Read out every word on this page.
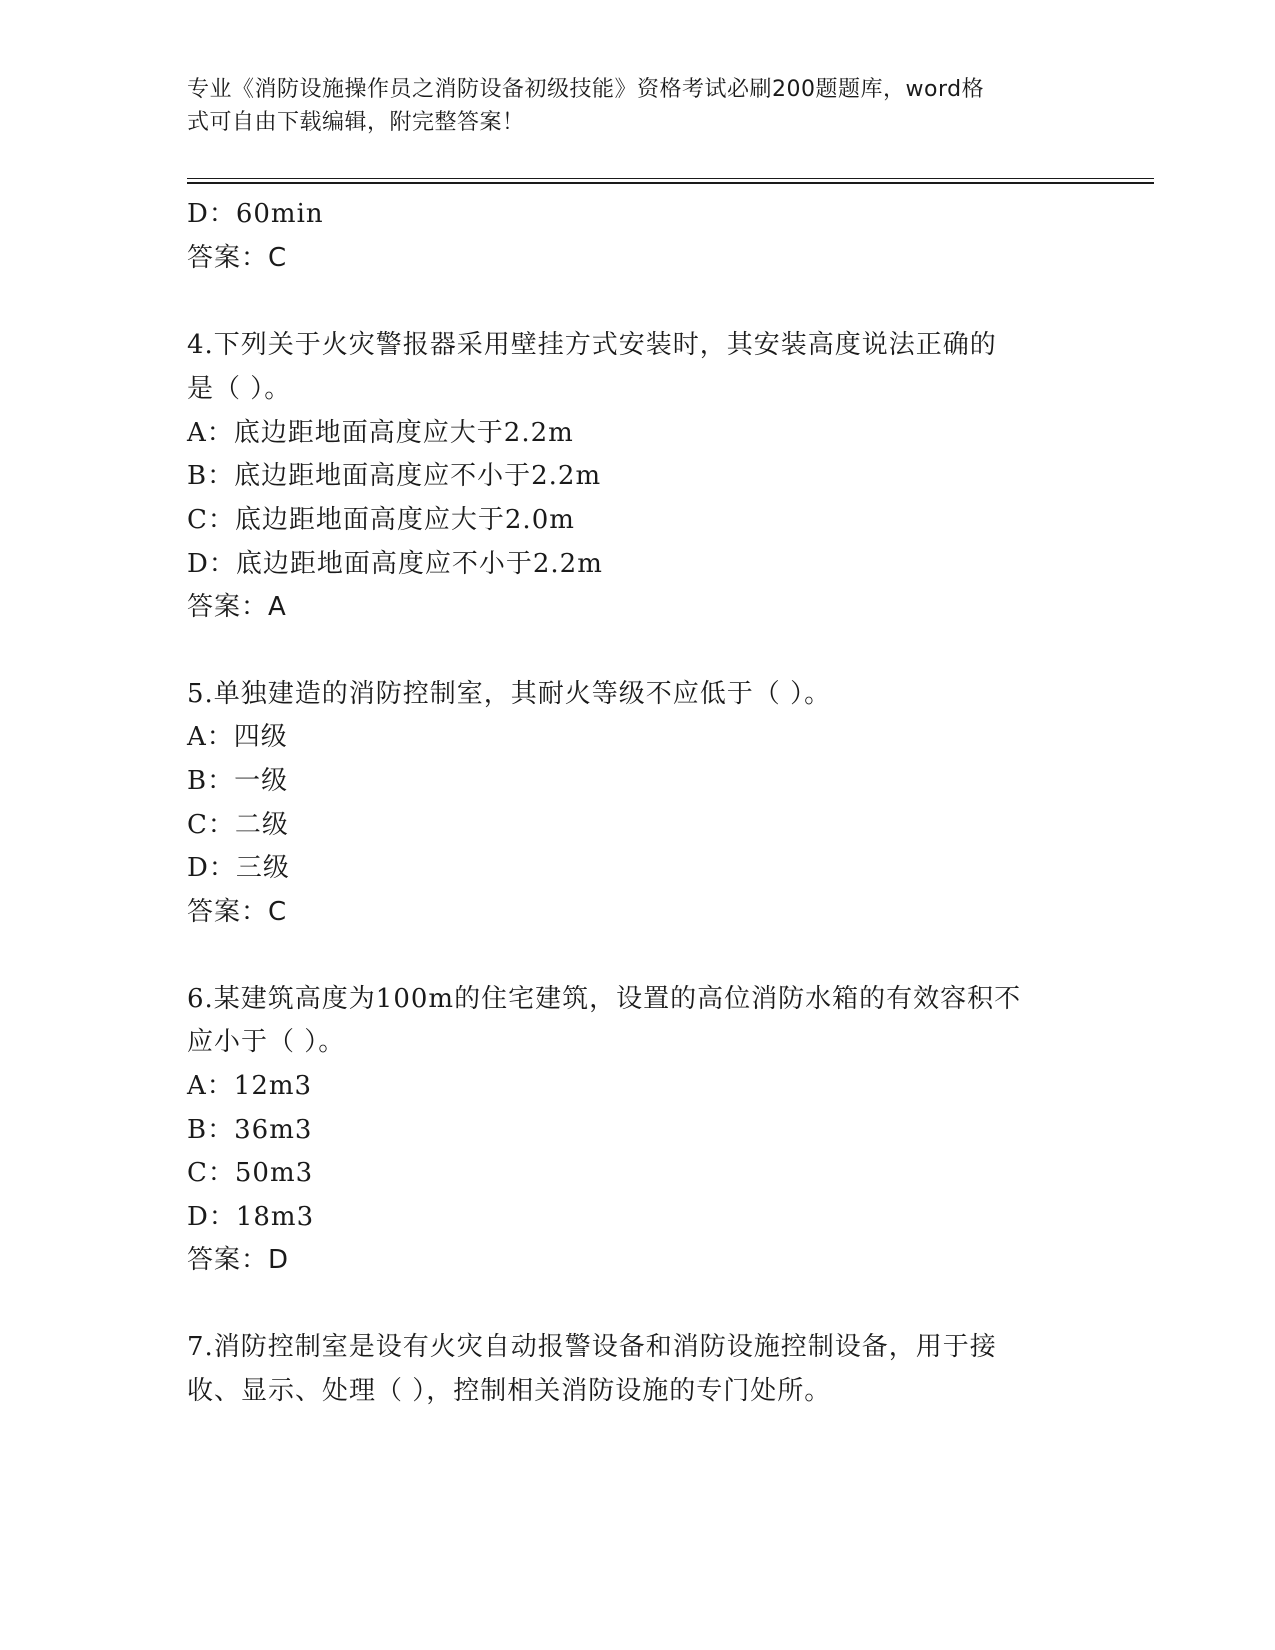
专业《消防设施操作员之消防设备初级技能》资格考试必刷200题题库，word格
式可自由下载编辑，附完整答案！
D：60min
答案：C
4.下列关于火灾警报器采用壁挂方式安装时，其安装高度说法正确的
是（ ）。
A：底边距地面高度应大于2.2m
B：底边距地面高度应不小于2.2m
C：底边距地面高度应大于2.0m
D：底边距地面高度应不小于2.2m
答案：A
5.单独建造的消防控制室，其耐火等级不应低于（ ）。
A：四级
B：一级
C：二级
D：三级
答案：C
6.某建筑高度为100m的住宅建筑，设置的高位消防水箱的有效容积不
应小于（ ）。
A：12m3
B：36m3
C：50m3
D：18m3
答案：D
7.消防控制室是设有火灾自动报警设备和消防设施控制设备，用于接
收、显示、处理（ ），控制相关消防设施的专门处所。
